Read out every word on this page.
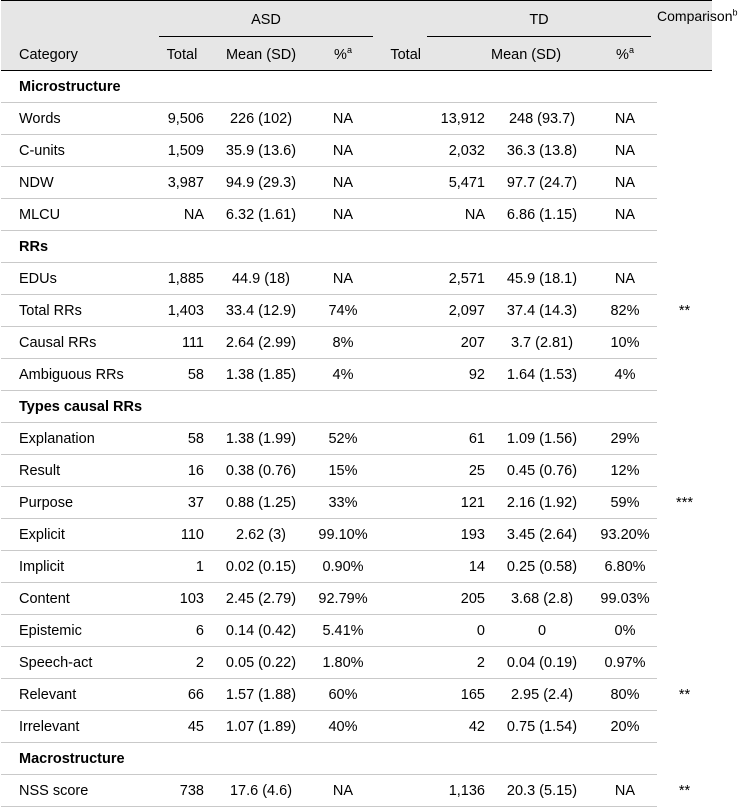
	ASD				TD			Comparison$^b$
Category	Total	Mean (SD)	%$^a$	Total		Mean (SD)	%$^a$	
Microstructure								
Words	9,506	226 (102)	NA	13,912		248 (93.7)	NA	
C-units	1,509	35.9 (13.6)	NA	2,032		36.3 (13.8)	NA	
NDW	3,987	94.9 (29.3)	NA	5,471		97.7 (24.7)	NA	
MLCU	NA	6.32 (1.61)	NA	NA		6.86 (1.15)	NA	
RRs								
EDUs	1,885	44.9 (18)	NA	2,571		45.9 (18.1)	NA	
Total RRs	1,403	33.4 (12.9)	74%	2,097		37.4 (14.3)	82%	**
Causal RRs	111	2.64 (2.99)	8%	207		3.7 (2.81)	10%	
Ambiguous RRs	58	1.38 (1.85)	4%	92		1.64 (1.53)	4%	
Types causal RRs								
Explanation	58	1.38 (1.99)	52%	61		1.09 (1.56)	29%	
Result	16	0.38 (0.76)	15%	25		0.45 (0.76)	12%	
Purpose	37	0.88 (1.25)	33%	121		2.16 (1.92)	59%	***
Explicit	110	2.62 (3)	99.10%	193		3.45 (2.64)	93.20%	
Implicit	1	0.02 (0.15)	0.90%	14		0.25 (0.58)	6.80%	
Content	103	2.45 (2.79)	92.79%	205		3.68 (2.8)	99.03%	
Epistemic	6	0.14 (0.42)	5.41%	0		0	0%	
Speech-act	2	0.05 (0.22)	1.80%	2		0.04 (0.19)	0.97%	
Relevant	66	1.57 (1.88)	60%	165		2.95 (2.4)	80%	**
Irrelevant	45	1.07 (1.89)	40%	42		0.75 (1.54)	20%	
Macrostructure								
NSS score	738	17.6 (4.6)	NA	1,136		20.3 (5.15)	NA	**
